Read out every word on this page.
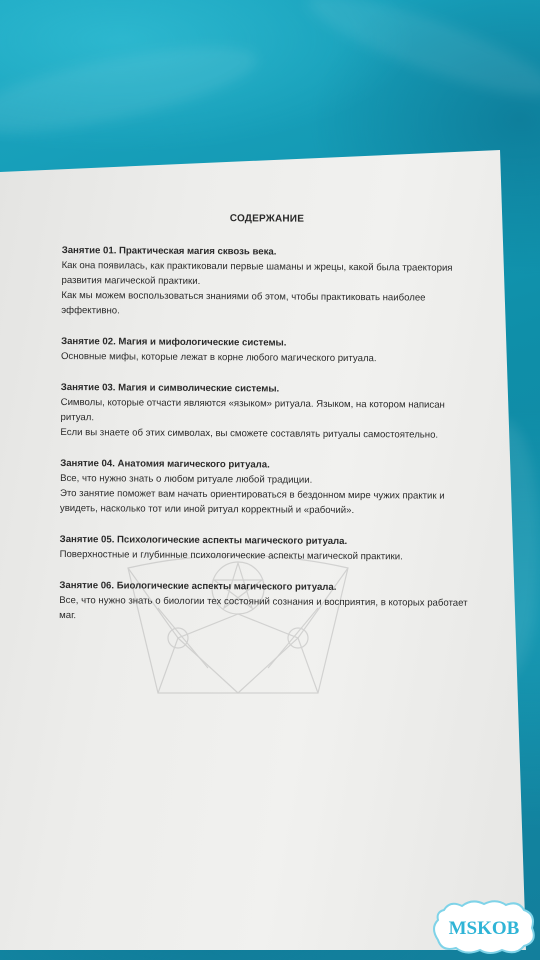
СОДЕРЖАНИЕ

Занятие 01. Практическая магия сквозь века.

Как она появилась, как практиковали первые шаманы и жрецы, какой была траектория

развития магической практики.

Как мы можем воспользоваться знаниями об этом, чтобы практиковать наиболее

эффективно.

Занятие 02. Магия и мифологические системы.

Основные мифы, которые лежат в корне любого магического ритуала.

Занятие 03. Магия и символические системы.

Символы, которые отчасти являются «языком» ритуала. Языком, на котором написан

ритуал.

Если вы знаете об этих символах, вы сможете составлять ритуалы самостоятельно.

Занятие 04. Анатомия магического ритуала.

Все, что нужно знать о любом ритуале любой традиции.

Это занятие поможет вам начать ориентироваться в бездонном мире чужих практик и

увидеть, насколько тот или иной ритуал корректный и «рабочий».

Занятие 05. Психологические аспекты магического ритуала.

Поверхностные и глубинные психологические аспекты магической практики.

Занятие 06. Биологические аспекты магического ритуала.

Все, что нужно знать о биологии тех состояний сознания и восприятия, в которых работает

маг.

MSKOB
